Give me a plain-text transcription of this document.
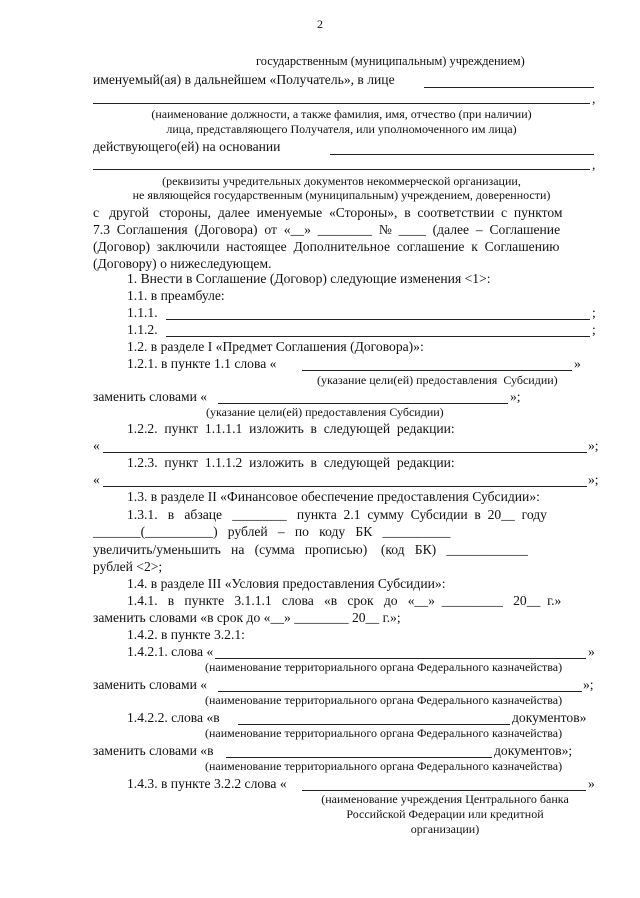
2
государственным (муниципальным) учреждением)
именуемый(ая) в дальнейшем «Получатель», в лице
,
(наименование должности, а также фамилия, имя, отчество (при наличии)
лица, представляющего Получателя, или уполномоченного им лица)
действующего(ей) на основании
,
(реквизиты учредительных документов некоммерческой организации,
не являющейся государственным (муниципальным) учреждением, доверенности)
с   другой   стороны,  далее  именуемые  «Стороны»,  в  соответствии  с  пунктом
7.3  Соглашения  (Договора)  от  «__»  ________  №  ____  (далее  –  Соглашение
(Договор)  заключили  настоящее  Дополнительное  соглашение  к  Соглашению
(Договору) о нижеследующем.
1. Внести в Соглашение (Договор) следующие изменения <1>:
1.1. в преамбуле:
1.1.1.	;
1.1.2.	;
1.2. в разделе I «Предмет Соглашения (Договора)»:
1.2.1. в пункте 1.1 слова «	»
(указание цели(ей) предоставления  Субсидии)
заменить словами «	»;
(указание цели(ей) предоставления Субсидии)
1.2.2.  пункт  1.1.1.1  изложить  в  следующей  редакции:
«	»;
1.2.3.  пункт  1.1.1.2  изложить  в  следующей  редакции:
«	»;
1.3. в разделе II «Финансовое обеспечение предоставления Субсидии»:
1.3.1.   в   абзаце   ________   пункта  2.1  сумму  Субсидии  в  20__  году
_______(__________)   рублей   –   по   коду   БК   __________
увеличить/уменьшить   на   (сумма   прописью)    (код   БК)   ____________
рублей <2>;
1.4. в разделе III «Условия предоставления Субсидии»:
1.4.1.   в   пункте   3.1.1.1   слова   «в   срок   до   «__»  _________   20__  г.»
заменить словами «в срок до «__» ________ 20__ г.»;
1.4.2. в пункте 3.2.1:
1.4.2.1. слова «	»
(наименование территориального органа Федерального казначейства)
заменить словами «	»;
(наименование территориального органа Федерального казначейства)
1.4.2.2. слова «в	документов»
(наименование территориального органа Федерального казначейства)
заменить словами «в	документов»;
(наименование территориального органа Федерального казначейства)
1.4.3. в пункте 3.2.2 слова «	»
(наименование учреждения Центрального банка
Российской Федерации или кредитной
организации)
